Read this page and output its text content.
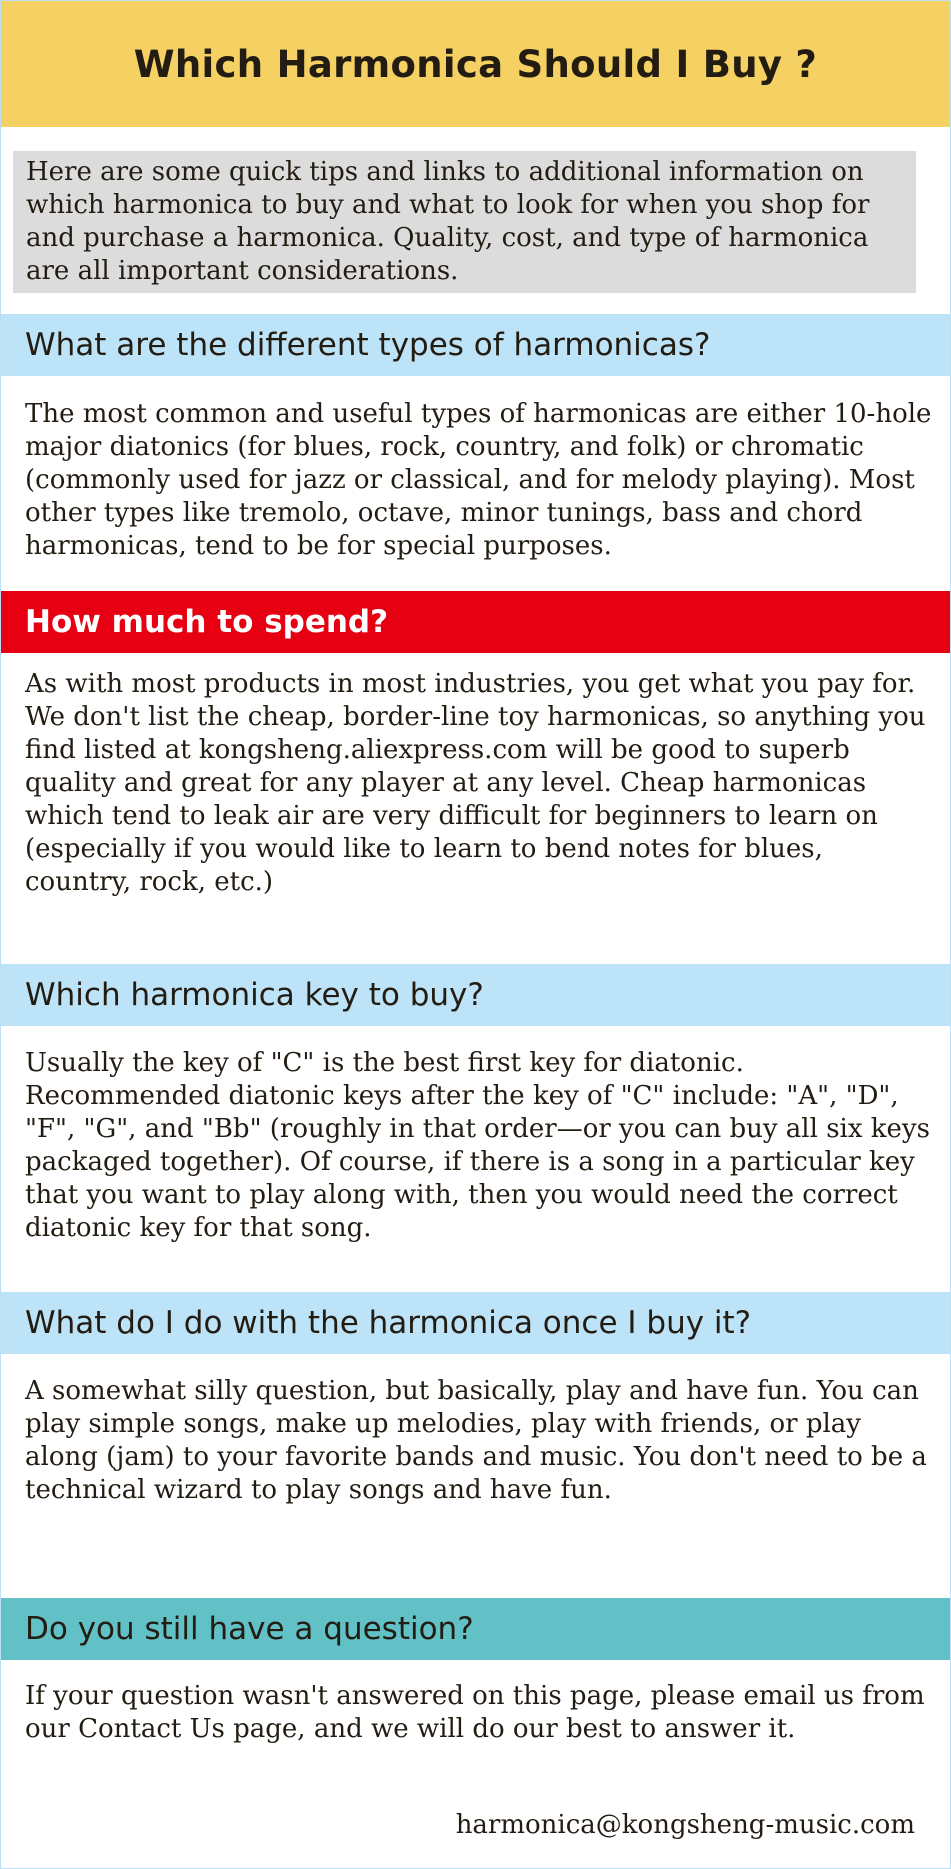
Which Harmonica Should I Buy ?

Here are some quick tips and links to additional information on which harmonica to buy and what to look for when you shop for and purchase a harmonica. Quality, cost, and type of harmonica are all important considerations.

What are the different types of harmonicas?

The most common and useful types of harmonicas are either 10-hole major diatonics (for blues, rock, country, and folk) or chromatic (commonly used for jazz or classical, and for melody playing). Most other types like tremolo, octave, minor tunings, bass and chord harmonicas, tend to be for special purposes.

How much to spend?

As with most products in most industries, you get what you pay for. We don't list the cheap, border-line toy harmonicas, so anything you find listed at kongsheng.aliexpress.com will be good to superb quality and great for any player at any level. Cheap harmonicas which tend to leak air are very difficult for beginners to learn on (especially if you would like to learn to bend notes for blues, country, rock, etc.)

Which harmonica key to buy?

Usually the key of "C" is the best first key for diatonic. Recommended diatonic keys after the key of "C" include: "A", "D", "F", "G", and "Bb" (roughly in that order—or you can buy all six keys packaged together). Of course, if there is a song in a particular key that you want to play along with, then you would need the correct diatonic key for that song.

What do I do with the harmonica once I buy it?

A somewhat silly question, but basically, play and have fun. You can play simple songs, make up melodies, play with friends, or play along (jam) to your favorite bands and music. You don't need to be a technical wizard to play songs and have fun.

Do you still have a question?

If your question wasn't answered on this page, please email us from our Contact Us page, and we will do our best to answer it.

harmonica@kongsheng-music.com
